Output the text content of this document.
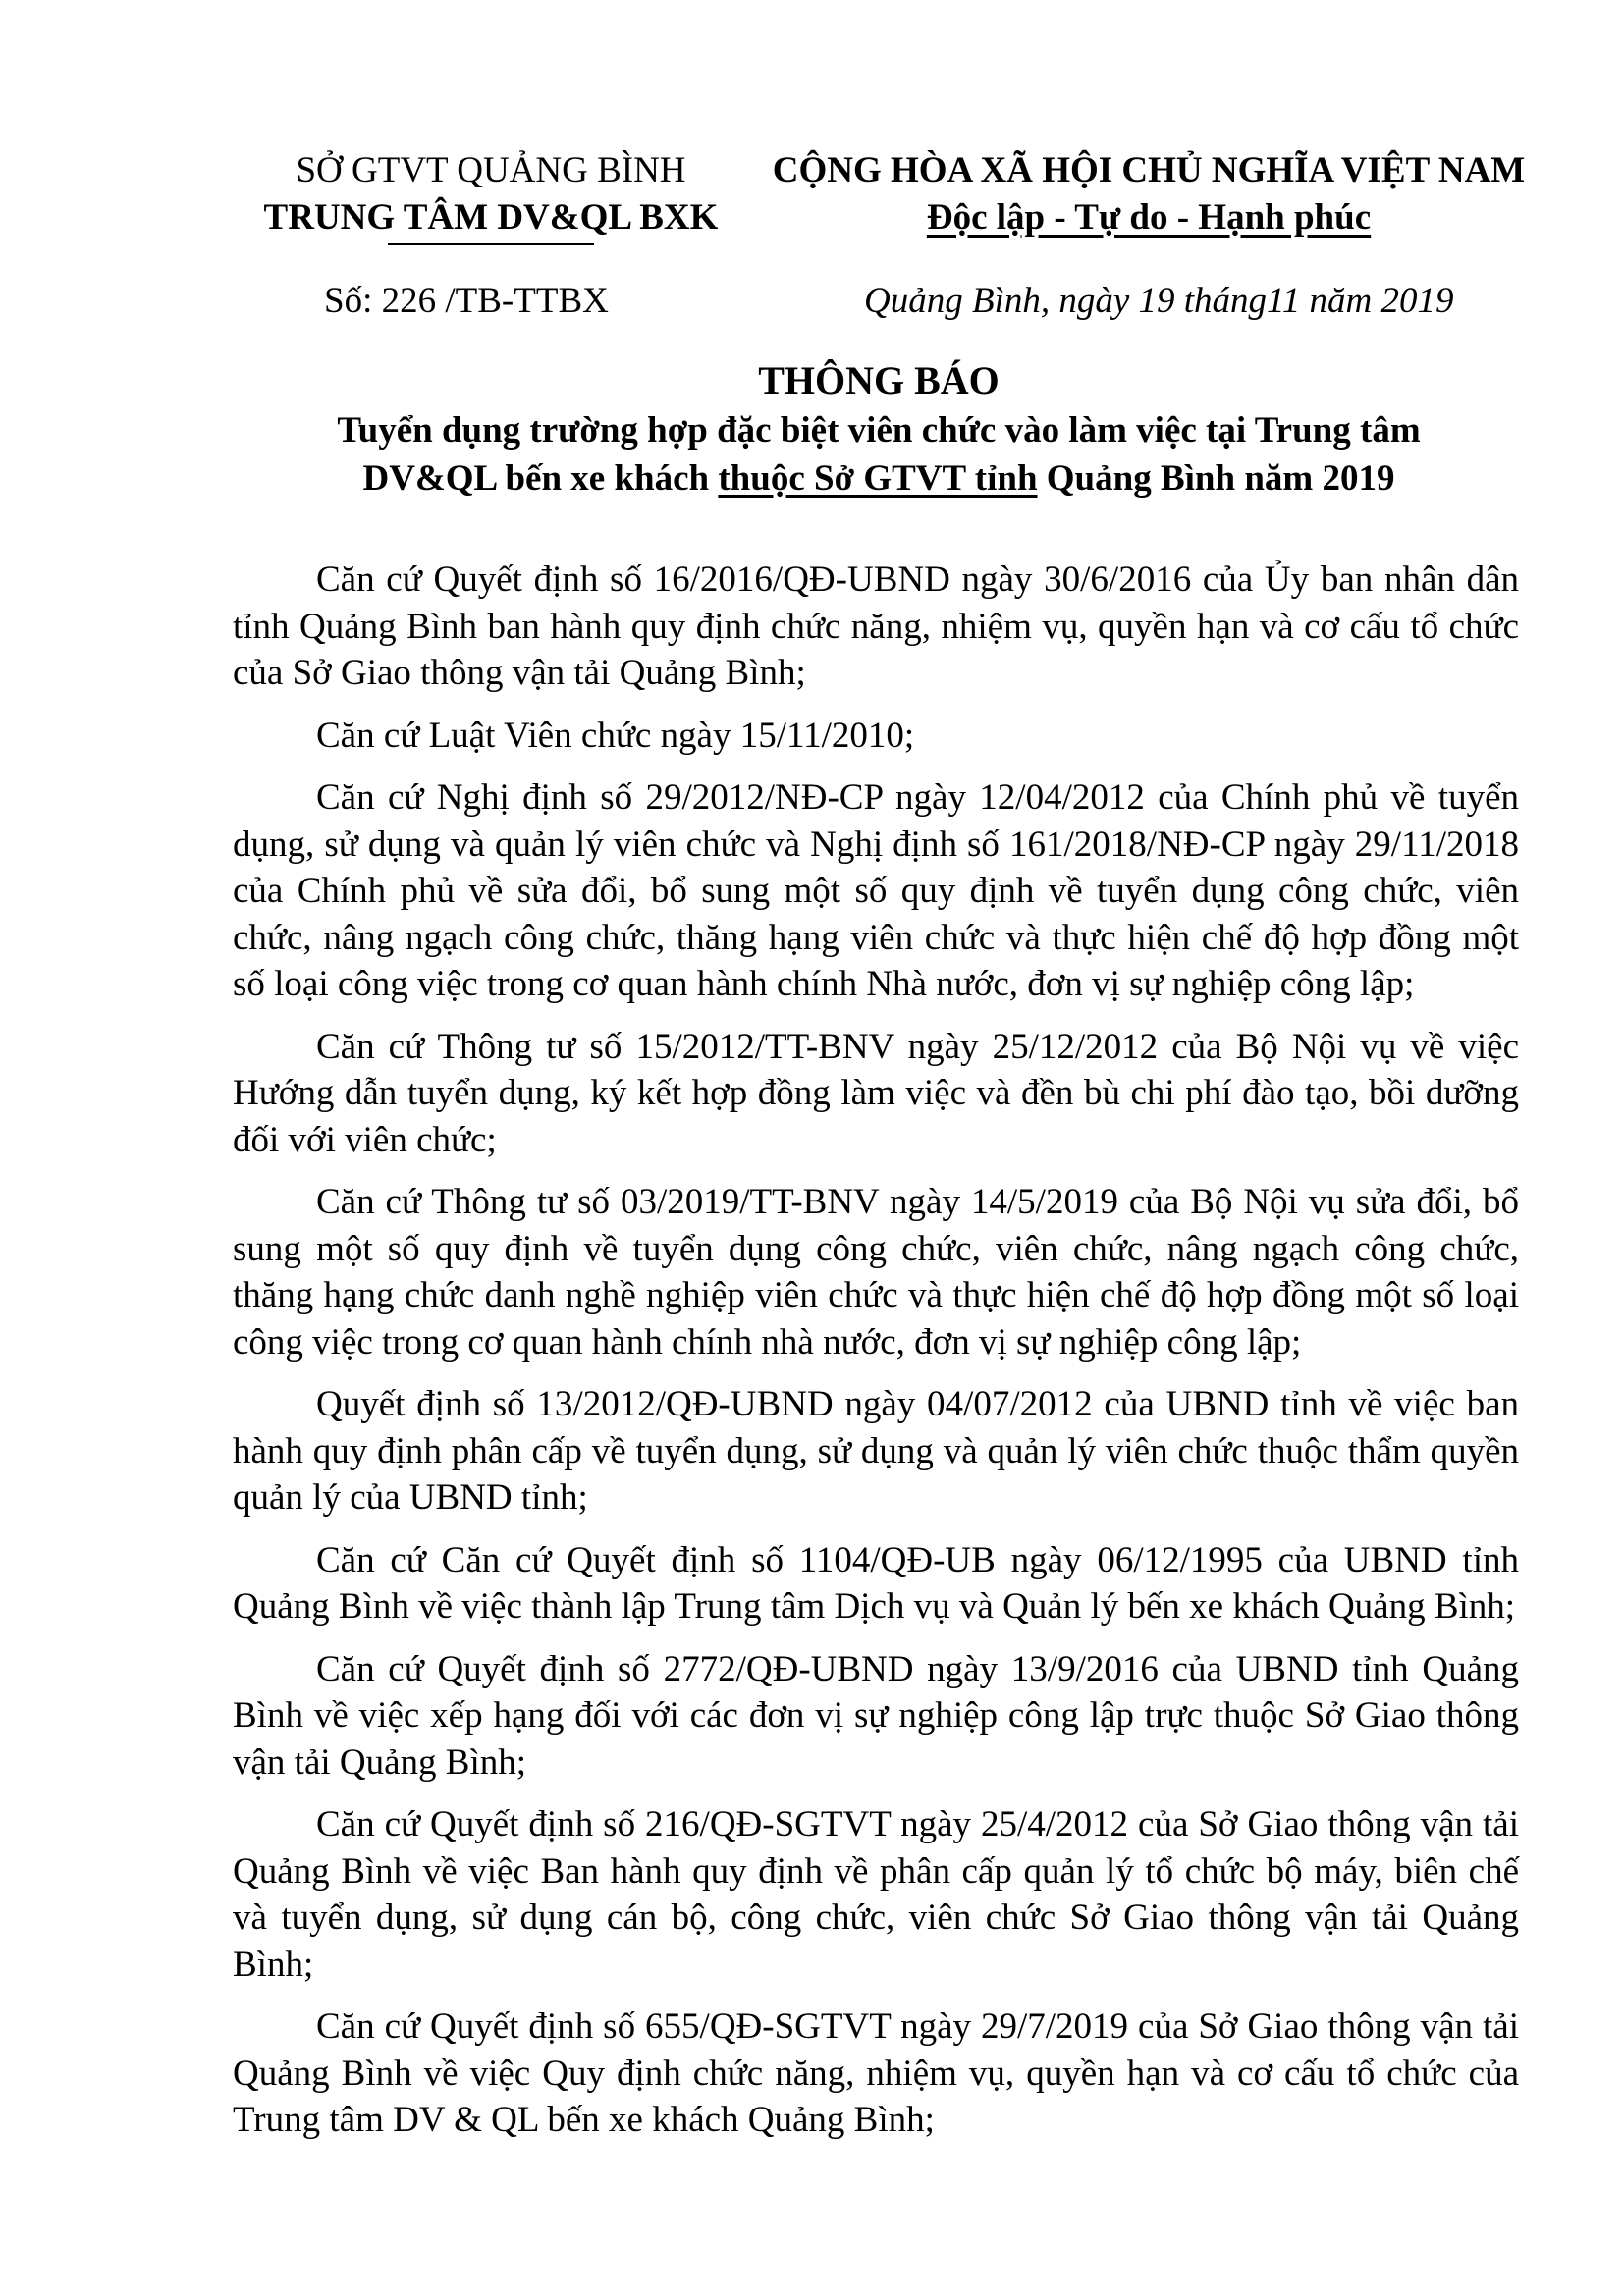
SỞ GTVT QUẢNG BÌNH
TRUNG TÂM DV&QL BXK
CỘNG HÒA XÃ HỘI CHỦ NGHĨA VIỆT NAM
Độc lập - Tự do - Hạnh phúc
Số: 226 /TB-TTBX	Quảng Bình, ngày 19 tháng11 năm 2019
THÔNG BÁO
Tuyển dụng trường hợp đặc biệt viên chức vào làm việc tại Trung tâm
DV&QL bến xe khách thuộc Sở GTVT tỉnh Quảng Bình năm 2019

Căn cứ Quyết định số 16/2016/QĐ-UBND ngày 30/6/2016 của Ủy ban nhân dân tỉnh Quảng Bình ban hành quy định chức năng, nhiệm vụ, quyền hạn và cơ cấu tổ chức của Sở Giao thông vận tải Quảng Bình;

Căn cứ Luật Viên chức ngày 15/11/2010;

Căn cứ Nghị định số 29/2012/NĐ-CP ngày 12/04/2012 của Chính phủ về tuyển dụng, sử dụng và quản lý viên chức và Nghị định số 161/2018/NĐ-CP ngày 29/11/2018 của Chính phủ về sửa đổi, bổ sung một số quy định về tuyển dụng công chức, viên chức, nâng ngạch công chức, thăng hạng viên chức và thực hiện chế độ hợp đồng một số loại công việc trong cơ quan hành chính Nhà nước, đơn vị sự nghiệp công lập;

Căn cứ Thông tư số 15/2012/TT-BNV ngày 25/12/2012 của Bộ Nội vụ về việc Hướng dẫn tuyển dụng, ký kết hợp đồng làm việc và đền bù chi phí đào tạo, bồi dưỡng đối với viên chức;

Căn cứ Thông tư số 03/2019/TT-BNV ngày 14/5/2019 của Bộ Nội vụ sửa đổi, bổ sung một số quy định về tuyển dụng công chức, viên chức, nâng ngạch công chức, thăng hạng chức danh nghề nghiệp viên chức và thực hiện chế độ hợp đồng một số loại công việc trong cơ quan hành chính nhà nước, đơn vị sự nghiệp công lập;

Quyết định số 13/2012/QĐ-UBND ngày 04/07/2012 của UBND tỉnh về việc ban hành quy định phân cấp về tuyển dụng, sử dụng và quản lý viên chức thuộc thẩm quyền quản lý của UBND tỉnh;

Căn cứ Căn cứ Quyết định số 1104/QĐ-UB ngày 06/12/1995 của UBND tỉnh Quảng Bình về việc thành lập Trung tâm Dịch vụ và Quản lý bến xe khách Quảng Bình;

Căn cứ Quyết định số 2772/QĐ-UBND ngày 13/9/2016 của UBND tỉnh Quảng Bình về việc xếp hạng đối với các đơn vị sự nghiệp công lập trực thuộc Sở Giao thông vận tải Quảng Bình;

Căn cứ Quyết định số 216/QĐ-SGTVT ngày 25/4/2012 của Sở Giao thông vận tải Quảng Bình về việc Ban hành quy định về phân cấp quản lý tổ chức bộ máy, biên chế và tuyển dụng, sử dụng cán bộ, công chức, viên chức Sở Giao thông vận tải Quảng Bình;

Căn cứ Quyết định số 655/QĐ-SGTVT ngày 29/7/2019 của Sở Giao thông vận tải Quảng Bình về việc Quy định chức năng, nhiệm vụ, quyền hạn và cơ cấu tổ chức của Trung tâm DV & QL bến xe khách Quảng Bình;
